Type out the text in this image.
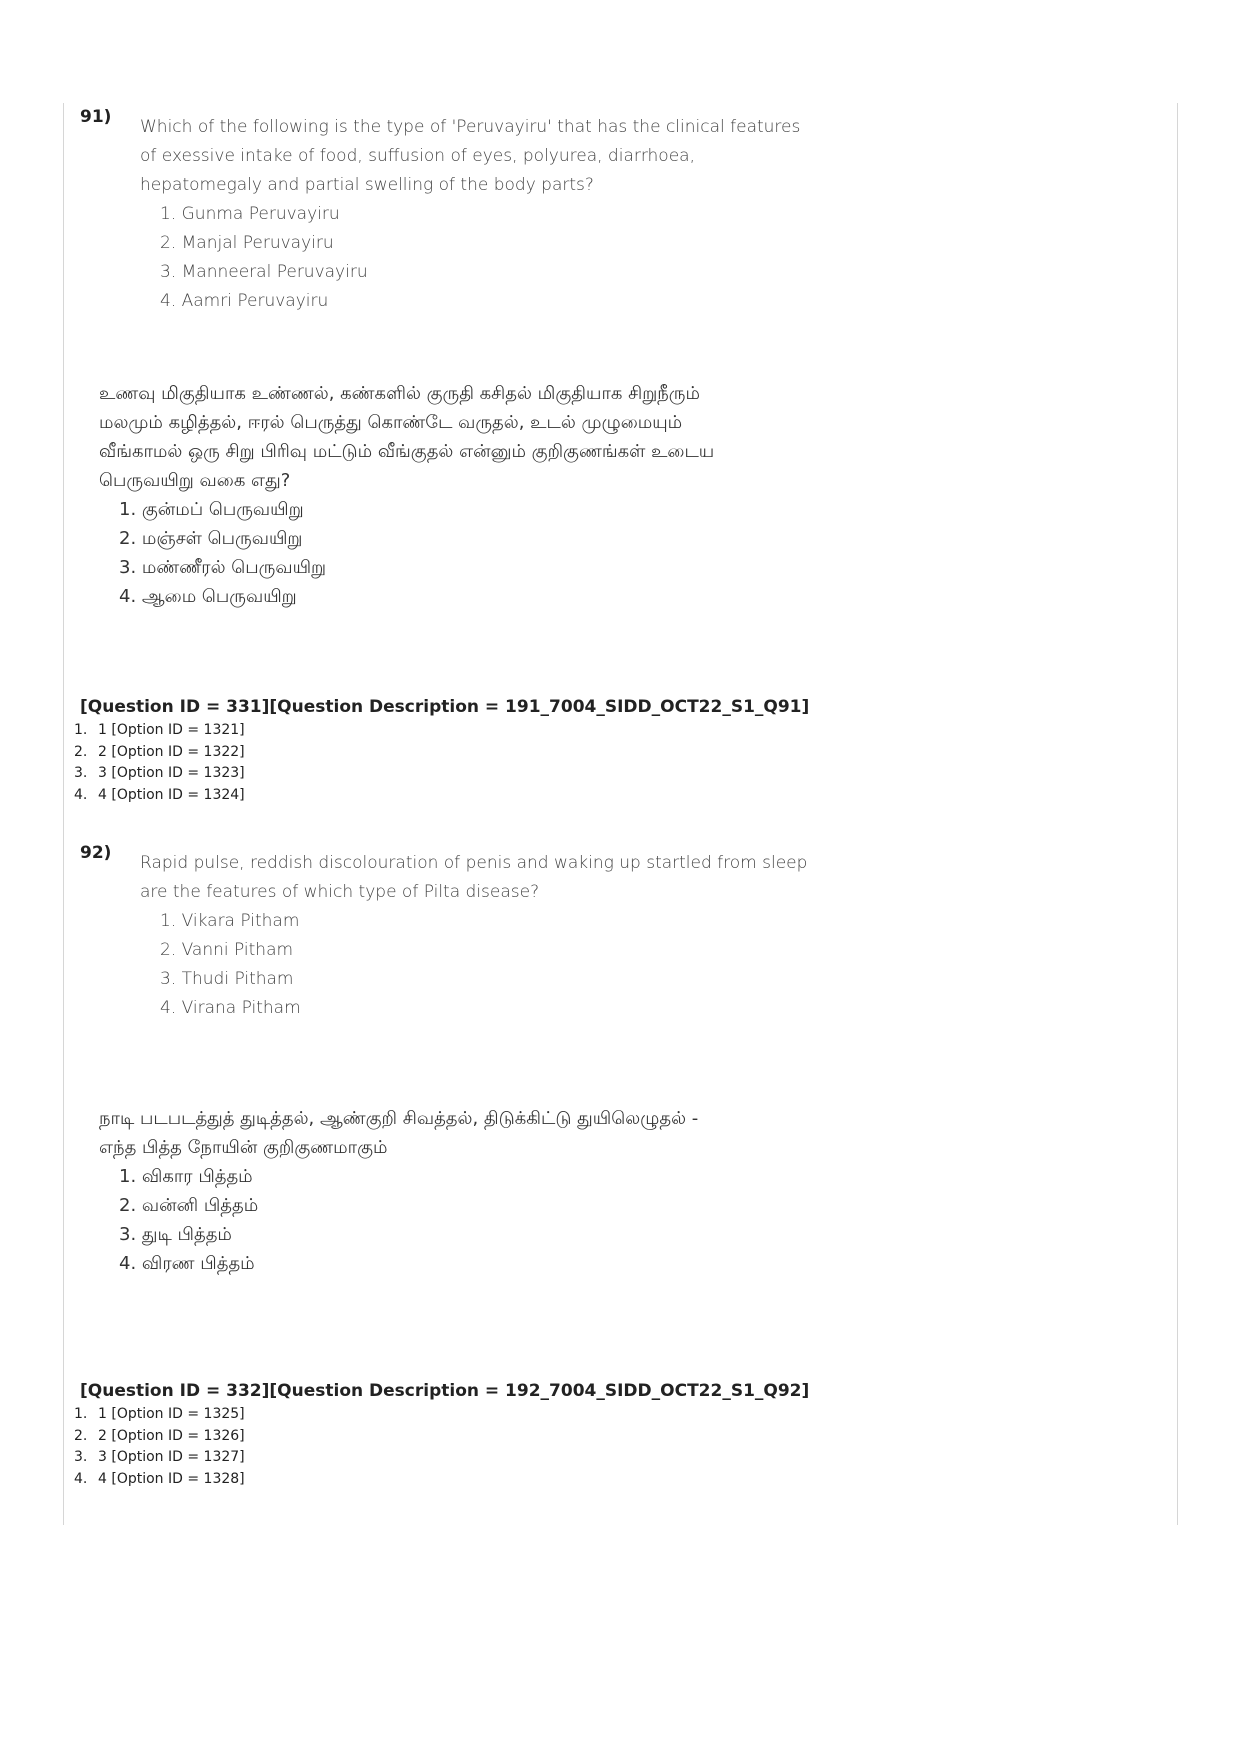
91) Which of the following is the type of 'Peruvayiru' that has the clinical features of exessive intake of food, suffusion of eyes, polyurea, diarrhoea, hepatomegaly and partial swelling of the body parts?
1. Gunma Peruvayiru
2. Manjal Peruvayiru
3. Manneeral Peruvayiru
4. Aamri Peruvayiru
உணவு மிகுதியாக உண்ணல், கண்களில் குருதி கசிதல் மிகுதியாக சிறுநீரும் மலமும் கழித்தல், ஈரல் பெருத்து கொண்டே வருதல், உடல் முழுமையும் வீங்காமல் ஒரு சிறு பிரிவு மட்டும் வீங்குதல் என்னும் குறிகுணங்கள் உடைய பெருவயிறு வகை எது?
1. குன்மப் பெருவயிறு
2. மஞ்சள் பெருவயிறு
3. மண்ணீரல் பெருவயிறு
4. ஆமை பெருவயிறு
[Question ID = 331][Question Description = 191_7004_SIDD_OCT22_S1_Q91]
1. 1 [Option ID = 1321]
2. 2 [Option ID = 1322]
3. 3 [Option ID = 1323]
4. 4 [Option ID = 1324]
92) Rapid pulse, reddish discolouration of penis and waking up startled from sleep are the features of which type of Pilta disease?
1. Vikara Pitham
2. Vanni Pitham
3. Thudi Pitham
4. Virana Pitham
நாடி படபடத்துத் துடித்தல், ஆண்குறி சிவத்தல், திடுக்கிட்டு துயிலெழுதல் - எந்த பித்த நோயின் குறிகுணமாகும்
1. விகார பித்தம்
2. வன்னி பித்தம்
3. துடி பித்தம்
4. விரண பித்தம்
[Question ID = 332][Question Description = 192_7004_SIDD_OCT22_S1_Q92]
1. 1 [Option ID = 1325]
2. 2 [Option ID = 1326]
3. 3 [Option ID = 1327]
4. 4 [Option ID = 1328]
